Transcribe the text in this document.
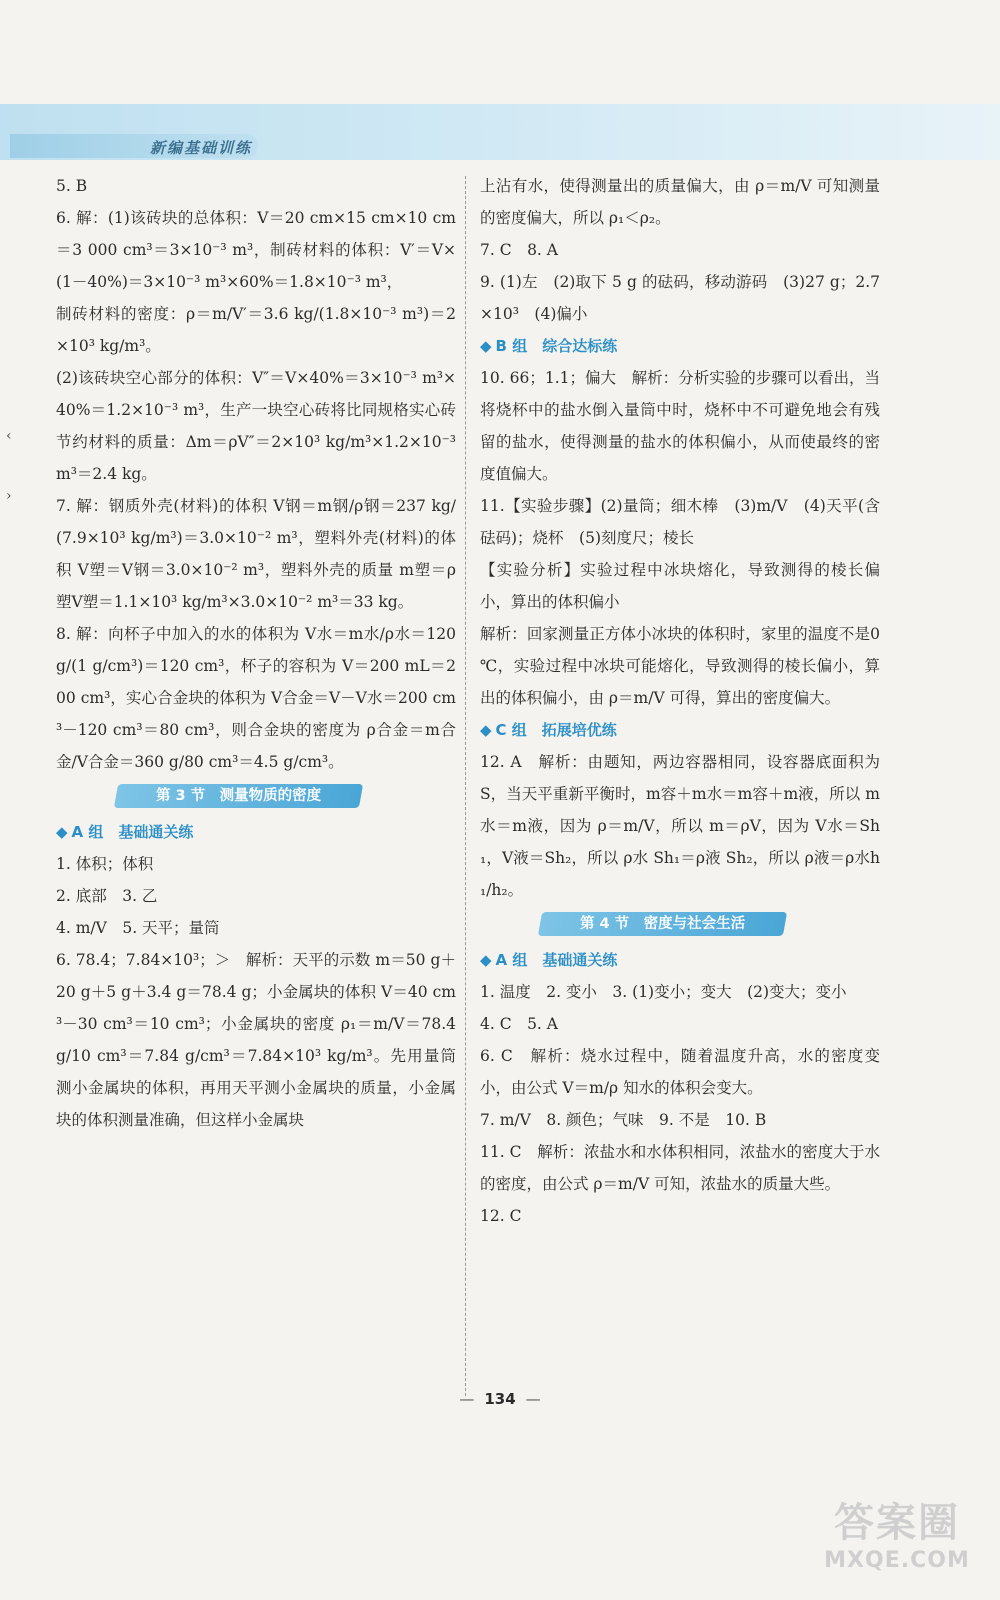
新编基础训练
‹
›
5. B
6. 解：(1)该砖块的总体积：V＝20 cm×15 cm×10 cm＝3 000 cm³＝3×10⁻³ m³，制砖材料的体积：V′＝V×(1－40%)＝3×10⁻³ m³×60%＝1.8×10⁻³ m³，
制砖材料的密度：ρ＝m/V′＝3.6 kg/(1.8×10⁻³ m³)＝2×10³ kg/m³。
(2)该砖块空心部分的体积：V″＝V×40%＝3×10⁻³ m³×40%＝1.2×10⁻³ m³，生产一块空心砖将比同规格实心砖节约材料的质量：Δm＝ρV″＝2×10³ kg/m³×1.2×10⁻³ m³＝2.4 kg。
7. 解：钢质外壳(材料)的体积 V钢＝m钢/ρ钢＝237 kg/(7.9×10³ kg/m³)＝3.0×10⁻² m³，塑料外壳(材料)的体积 V塑＝V钢＝3.0×10⁻² m³，塑料外壳的质量 m塑＝ρ塑V塑＝1.1×10³ kg/m³×3.0×10⁻² m³＝33 kg。
8. 解：向杯子中加入的水的体积为 V水＝m水/ρ水＝120 g/(1 g/cm³)＝120 cm³，杯子的容积为 V＝200 mL＝200 cm³，实心合金块的体积为 V合金＝V－V水＝200 cm³－120 cm³＝80 cm³，则合金块的密度为 ρ合金＝m合金/V合金＝360 g/80 cm³＝4.5 g/cm³。
第 3 节　测量物质的密度
◆ A 组　基础通关练
1. 体积；体积
2. 底部　3. 乙
4. m/V　5. 天平；量筒
6. 78.4；7.84×10³；＞　解析：天平的示数 m＝50 g＋20 g＋5 g＋3.4 g＝78.4 g；小金属块的体积 V＝40 cm³－30 cm³＝10 cm³；小金属块的密度 ρ₁＝m/V＝78.4 g/10 cm³＝7.84 g/cm³＝7.84×10³ kg/m³。先用量筒测小金属块的体积，再用天平测小金属块的质量，小金属块的体积测量准确，但这样小金属块
上沾有水，使得测量出的质量偏大，由 ρ＝m/V 可知测量的密度偏大，所以 ρ₁＜ρ₂。
7. C　8. A
9. (1)左　(2)取下 5 g 的砝码，移动游码　(3)27 g；2.7×10³　(4)偏小
◆ B 组　综合达标练
10. 66；1.1；偏大　解析：分析实验的步骤可以看出，当将烧杯中的盐水倒入量筒中时，烧杯中不可避免地会有残留的盐水，使得测量的盐水的体积偏小，从而使最终的密度值偏大。
11.【实验步骤】(2)量筒；细木棒　(3)m/V　(4)天平(含砝码)；烧杯　(5)刻度尺；棱长
【实验分析】实验过程中冰块熔化，导致测得的棱长偏小，算出的体积偏小
解析：回家测量正方体小冰块的体积时，家里的温度不是0 ℃，实验过程中冰块可能熔化，导致测得的棱长偏小，算出的体积偏小，由 ρ＝m/V 可得，算出的密度偏大。
◆ C 组　拓展培优练
12. A　解析：由题知，两边容器相同，设容器底面积为 S，当天平重新平衡时，m容＋m水＝m容＋m液，所以 m水＝m液，因为 ρ＝m/V，所以 m＝ρV，因为 V水＝Sh₁，V液＝Sh₂，所以 ρ水 Sh₁＝ρ液 Sh₂，所以 ρ液＝ρ水h₁/h₂。
第 4 节　密度与社会生活
◆ A 组　基础通关练
1. 温度　2. 变小　3. (1)变小；变大　(2)变大；变小
4. C　5. A
6. C　解析：烧水过程中，随着温度升高，水的密度变小，由公式 V＝m/ρ 知水的体积会变大。
7. m/V　8. 颜色；气味　9. 不是　10. B
11. C　解析：浓盐水和水体积相同，浓盐水的密度大于水的密度，由公式 ρ＝m/V 可知，浓盐水的质量大些。
12. C
— 134 —
答案圈
MXQE.COM
